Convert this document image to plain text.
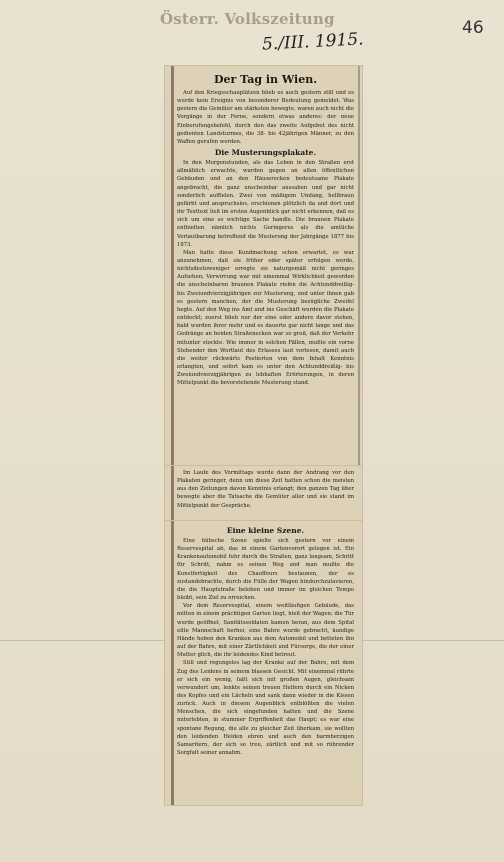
Österr. Volkszeitung	46
5./III. 1915.
Der Tag in Wien.

Auf den Kriegsschauplätzen blieb es auch gestern still und es wurde kein Ereignis von besonderer Bedeutung gemeldet. Was gestern die Gemüter am stärksten bewegte, waren auch nicht die Vorgänge in der Ferne, sondern etwas anderes: der neue Einberufungsbefehl, durch den das zweite Aufgebot des nicht gedienten Landsturmes, die 38- bis 42jährigen Männer, zu den Waffen gerufen werden.

Die Musterungsplakate.

In den Morgenstunden, als das Leben in den Straßen erst allmählich erwachte, wurden gegen an allen öffentlichen Gebäuden und an den Häuserecken bedeutsame Plakate angebracht, die ganz unscheinbar aussahen und gar nicht sonderlich auffielen. Zwei von mäßigem Umfang, hellbraun gefärbt und anspruchslos, erschienen plötzlich da und dort und ihr Texttext ließ im ersten Augenblick gar nicht erkennen, daß es sich um eine so wichtige Sache handle. Die braunen Plakate enthielten nämlich nichts Geringeres als die amtliche Verlautbarung betreffend die Musterung der Jahrgänge 1877 bis 1873.

Man hatte diese Kundmachung schon erwartet, es war anzunehmen, daß sie früher oder später erfolgen werde, nichtsdestoweniger erregte sie naturgemäß nicht geringes Aufsehen; Verwirrung war mit einemmal Wirklichkeit geworden die unscheinbaren braunen Plakate riefen die Achtunddreißig- bis Zweiundvierzigjährigen zur Musterung, und unter ihnen gab es gestern manchen, der die Musterung bezügliche Zweifel hegte. Auf den Weg ins Amt und ins Geschäft wurden die Plakate entdeckt; zuerst blieb nur der eine oder andere davor stehen, bald wurden ihrer mehr und es dauerte gar nicht lange und das Gedränge an beiden Straßenecken war so groß, daß der Verkehr mitunter stockte. Wie immer in solchen Fällen, mußte ein vorne Stehender den Wortlaut des Erlasses laut vorlesen, damit auch die weiter rückwärts Postierten von dem Inhalt Kenntnis erlangten, und sofort kam es unter den Achtunddreißig- bis Zweiundvierzigjährigen zu lebhaften Erörterungen, in deren Mittelpunkt die bevorstehende Musterung stand.

Im Laufe des Vormittags wurde dann der Andrang vor den Plakaten geringer, denn um diese Zeit hatten schon die meisten aus den Zeitungen davon Kenntnis erlangt; den ganzen Tag über bewegte aber die Tatsache die Gemüter aller und sie stand im Mittelpunkt der Gespräche.

Eine kleine Szene.

Eine hübsche Szene spielte sich gestern vor einem Reservespital ab, das in einem Gartenvorort gelegen ist. Ein Krankenautomobil fuhr durch die Straßen, ganz langsam, Schritt für Schritt, nahm es seinen Weg und man mußte die Kunstfertigkeit des Chauffeurs bestaunen, der es zustandebrachte, durch die Fülle der Wagen hindurchzulavieren, die die Hauptstraße beleben und immer im gleichen Tempo bleibt, sein Ziel zu erreichen.

Vor dem Reservespital, einem weitläufigen Gebäude, das mitten in einem prächtigen Garten liegt, hielt der Wagen; die Tür wurde geöffnet, Sanitätssoldaten kamen heran, aus dem Spital eilte Mannschaft herbei, eine Bahre wurde gebracht, kundige Hände hoben den Kranken aus dem Automobil und betteten ihn auf der Bahre, mit einer Zärtlichkeit und Fürsorge, die der einer Mutter glich, die ihr leidendes Kind betreut.

Still und regungslos lag der Kranke auf der Bahre, mit dem Zug des Leidens in seinem blassen Gesicht. Mit einemmal rührte er sich ein wenig, faßt sich mit großen Augen, gleichsam verwundert um, lenkte seinen treuen Helfern durch ein Nicken des Kopfes und ein Lächeln und sank dann wieder in die Kissen zurück. Auch in diesem Augenblick entblößten die vielen Menschen, die sich eingefunden hatten und die Szene miterlebten, in stummer Ergriffenheit das Haupt; es war eine spontane Regung, die alle zu gleicher Zeit überkam, sie wollten den leidenden Helden ehren und auch den barmherzigen Samaritern, der sich so treu, zärtlich und mit so rührender Sorgfalt seiner annahm.
